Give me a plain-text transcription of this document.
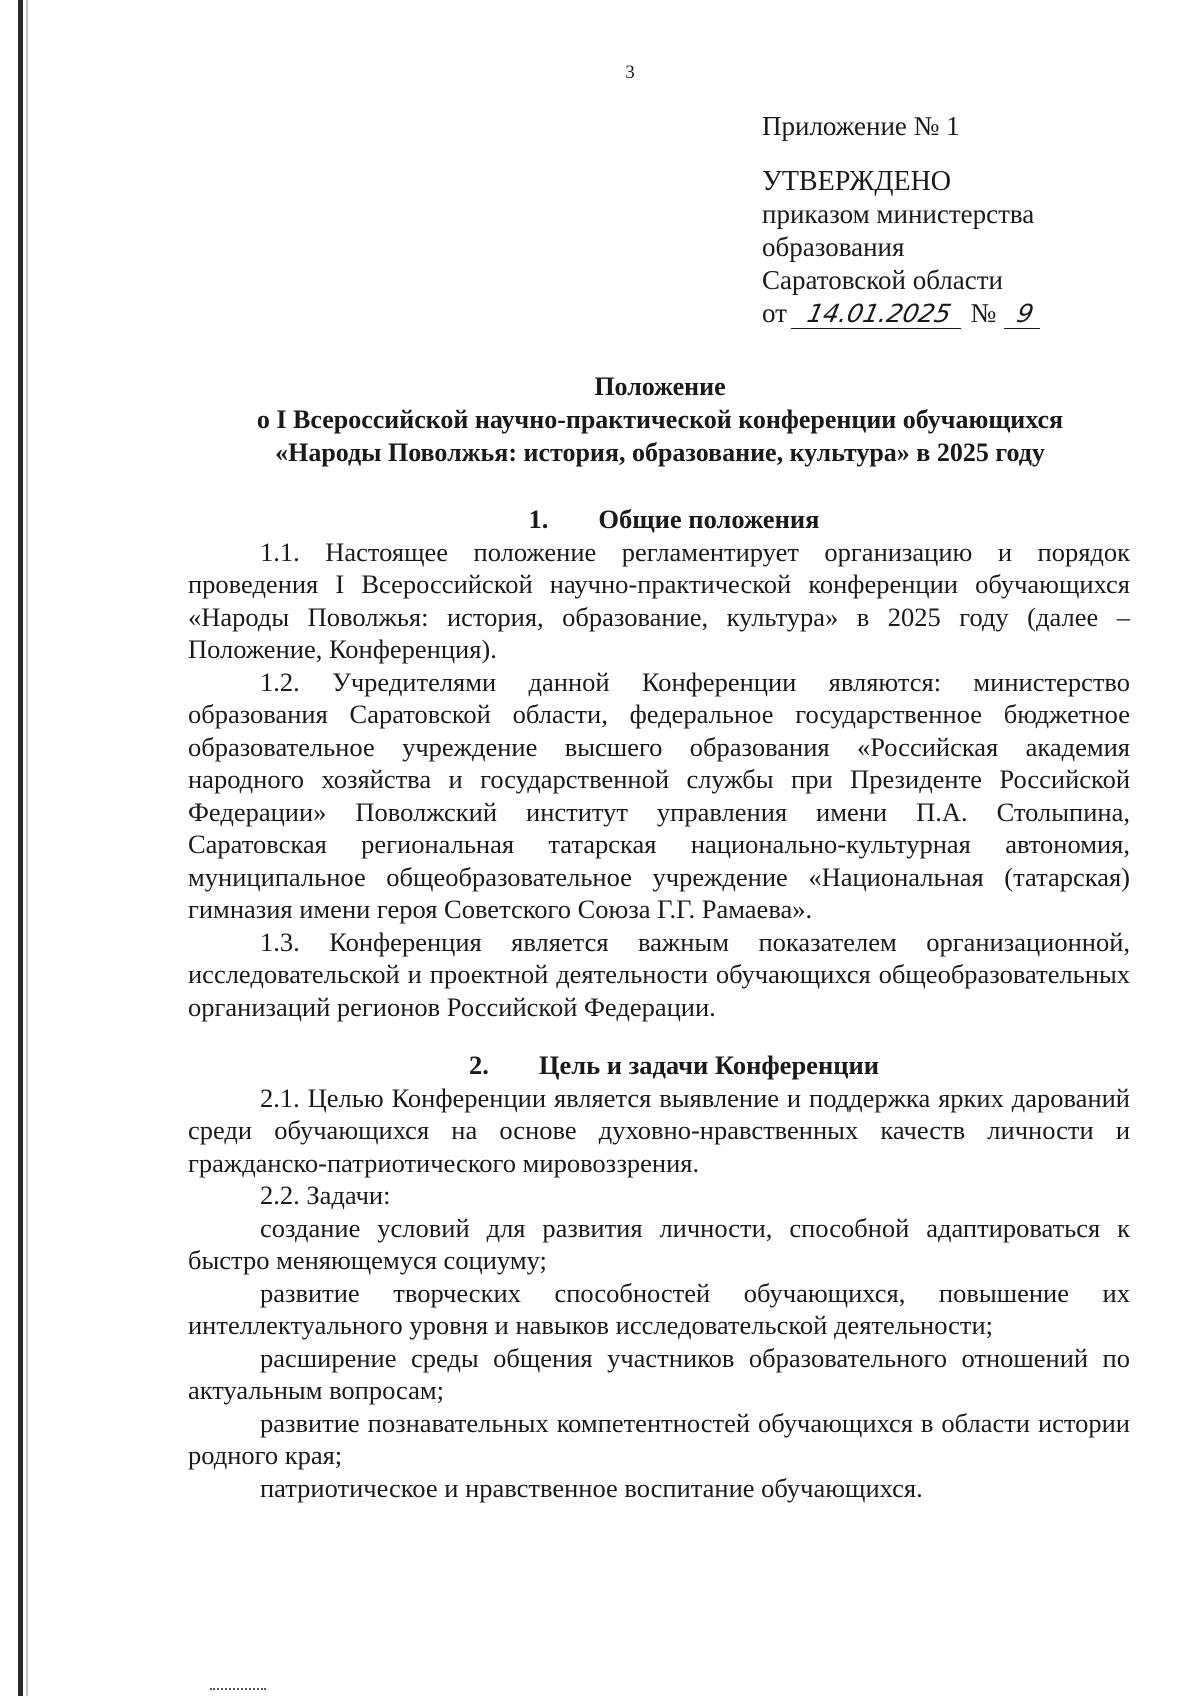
3
Приложение № 1
УТВЕРЖДЕНО
приказом министерства
образования
Саратовской области
от 14.01.2025 № 9
Положение
о I Всероссийской научно-практической конференции обучающихся
«Народы Поволжья: история, образование, культура» в 2025 году
1. Общие положения

1.1. Настоящее положение регламентирует организацию и порядок проведения I Всероссийской научно-практической конференции обучающихся «Народы Поволжья: история, образование, культура» в 2025 году (далее – Положение, Конференция).

1.2. Учредителями данной Конференции являются: министерство образования Саратовской области, федеральное государственное бюджетное образовательное учреждение высшего образования «Российская академия народного хозяйства и государственной службы при Президенте Российской Федерации» Поволжский институт управления имени П.А. Столыпина, Саратовская региональная татарская национально-культурная автономия, муниципальное общеобразовательное учреждение «Национальная (татарская) гимназия имени героя Советского Союза Г.Г. Рамаева».

1.3. Конференция является важным показателем организационной, исследовательской и проектной деятельности обучающихся общеобразовательных организаций регионов Российской Федерации.

2. Цель и задачи Конференции

2.1. Целью Конференции является выявление и поддержка ярких дарований среди обучающихся на основе духовно-нравственных качеств личности и гражданско-патриотического мировоззрения.

2.2. Задачи:

создание условий для развития личности, способной адаптироваться к быстро меняющемуся социуму;

развитие творческих способностей обучающихся, повышение их интеллектуального уровня и навыков исследовательской деятельности;

расширение среды общения участников образовательного отношений по актуальным вопросам;

развитие познавательных компетентностей обучающихся в области истории родного края;

патриотическое и нравственное воспитание обучающихся.
